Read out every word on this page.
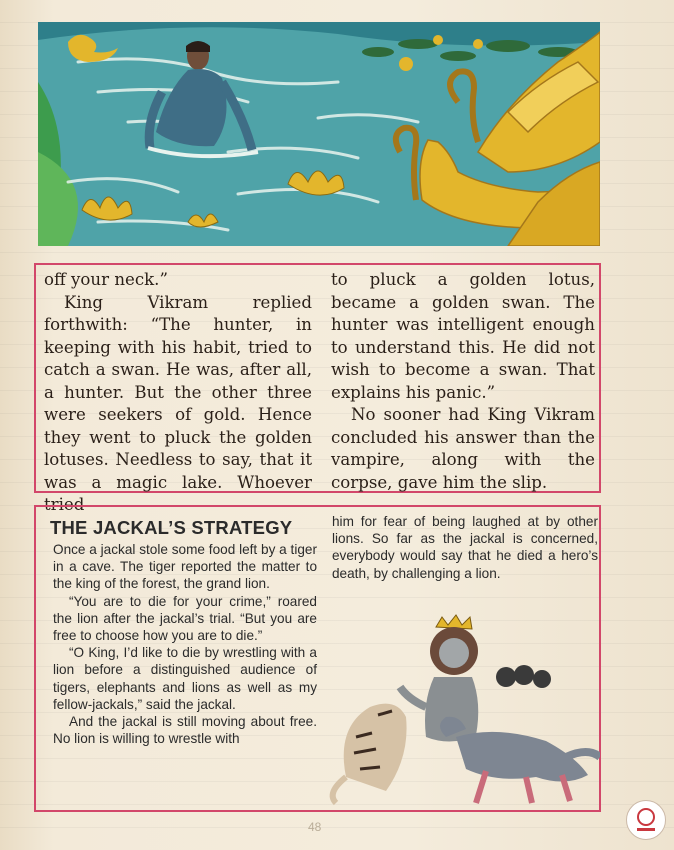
off your neck.”

King Vikram replied forthwith: “The hunter, in keeping with his habit, tried to catch a swan. He was, after all, a hunter. But the other three were seekers of gold. Hence they went to pluck the golden lotuses. Needless to say, that it was a magic lake. Whoever tried

to pluck a golden lotus, became a golden swan. The hunter was intelligent enough to understand this. He did not wish to become a swan. That explains his panic.”

No sooner had King Vikram concluded his answer than the vampire, along with the corpse, gave him the slip.

THE JACKAL’S STRATEGY

Once a jackal stole some food left by a tiger in a cave. The tiger reported the matter to the king of the forest, the grand lion.

“You are to die for your crime,” roared the lion after the jackal’s trial. “But you are free to choose how you are to die.”

“O King, I’d like to die by wrestling with a lion before a distinguished audience of tigers, elephants and lions as well as my fellow-jackals,” said the jackal.

And the jackal is still moving about free. No lion is willing to wrestle with

him for fear of being laughed at by other lions. So far as the jackal is concerned, everybody would say that he died a hero’s death, by challenging a lion.

48
